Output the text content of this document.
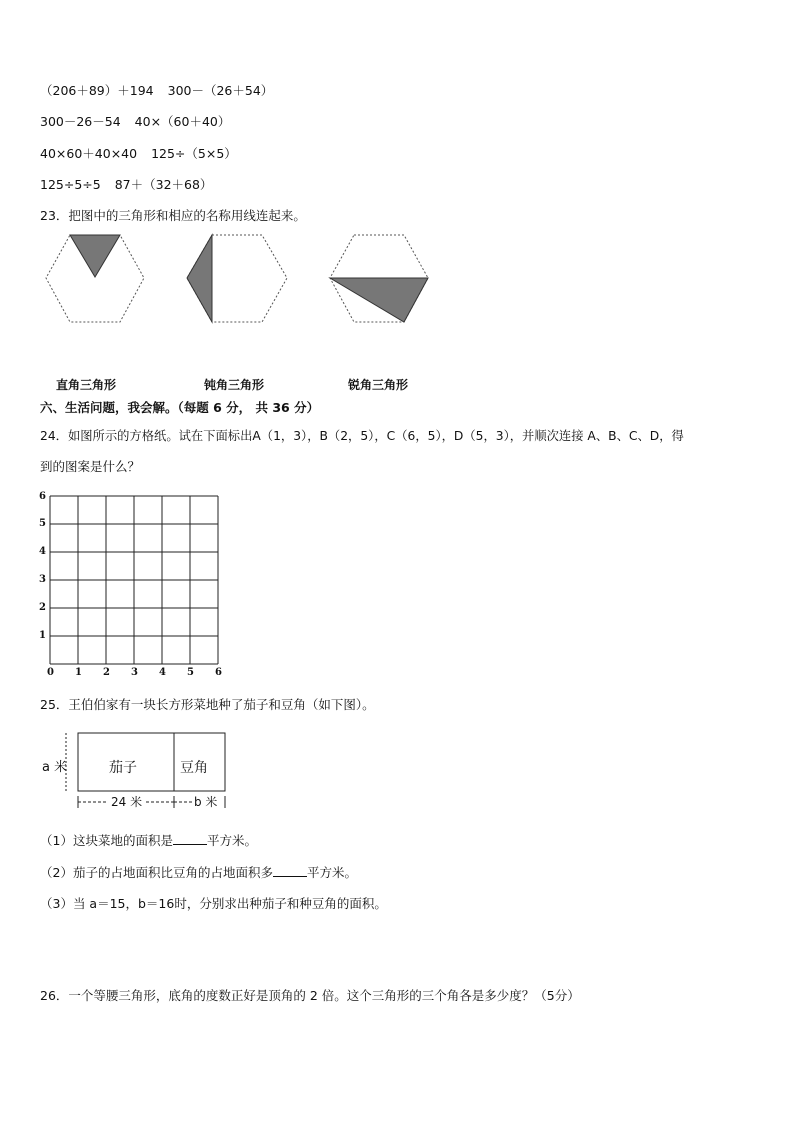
（206＋89）＋194 300－（26＋54）
300－26－54 40×（60＋40）
40×60＋40×40 125÷（5×5）
125÷5÷5 87＋（32＋68）
23．把图中的三角形和相应的名称用线连起来。
直角三角形	钝角三角形	锐角三角形
六、生活问题，我会解。（每题 6 分， 共 36 分）
24．如图所示的方格纸。试在下面标出A（1，3），B（2，5），C（6，5），D（5，3），并顺次连接 A、B、C、D，得
到的图案是什么？
0 1 2 3 4 5 6
1
2
3
4
5
6
25．王伯伯家有一块长方形菜地种了茄子和豆角（如下图）。
a 米	茄子	豆角
24 米	b 米
（1）这块菜地的面积是	平方米。
（2）茄子的占地面积比豆角的占地面积多	平方米。
（3）当 a＝15，b＝16时，分别求出种茄子和种豆角的面积。
26．一个等腰三角形，底角的度数正好是顶角的 2 倍。这个三角形的三个角各是多少度？（5分）
